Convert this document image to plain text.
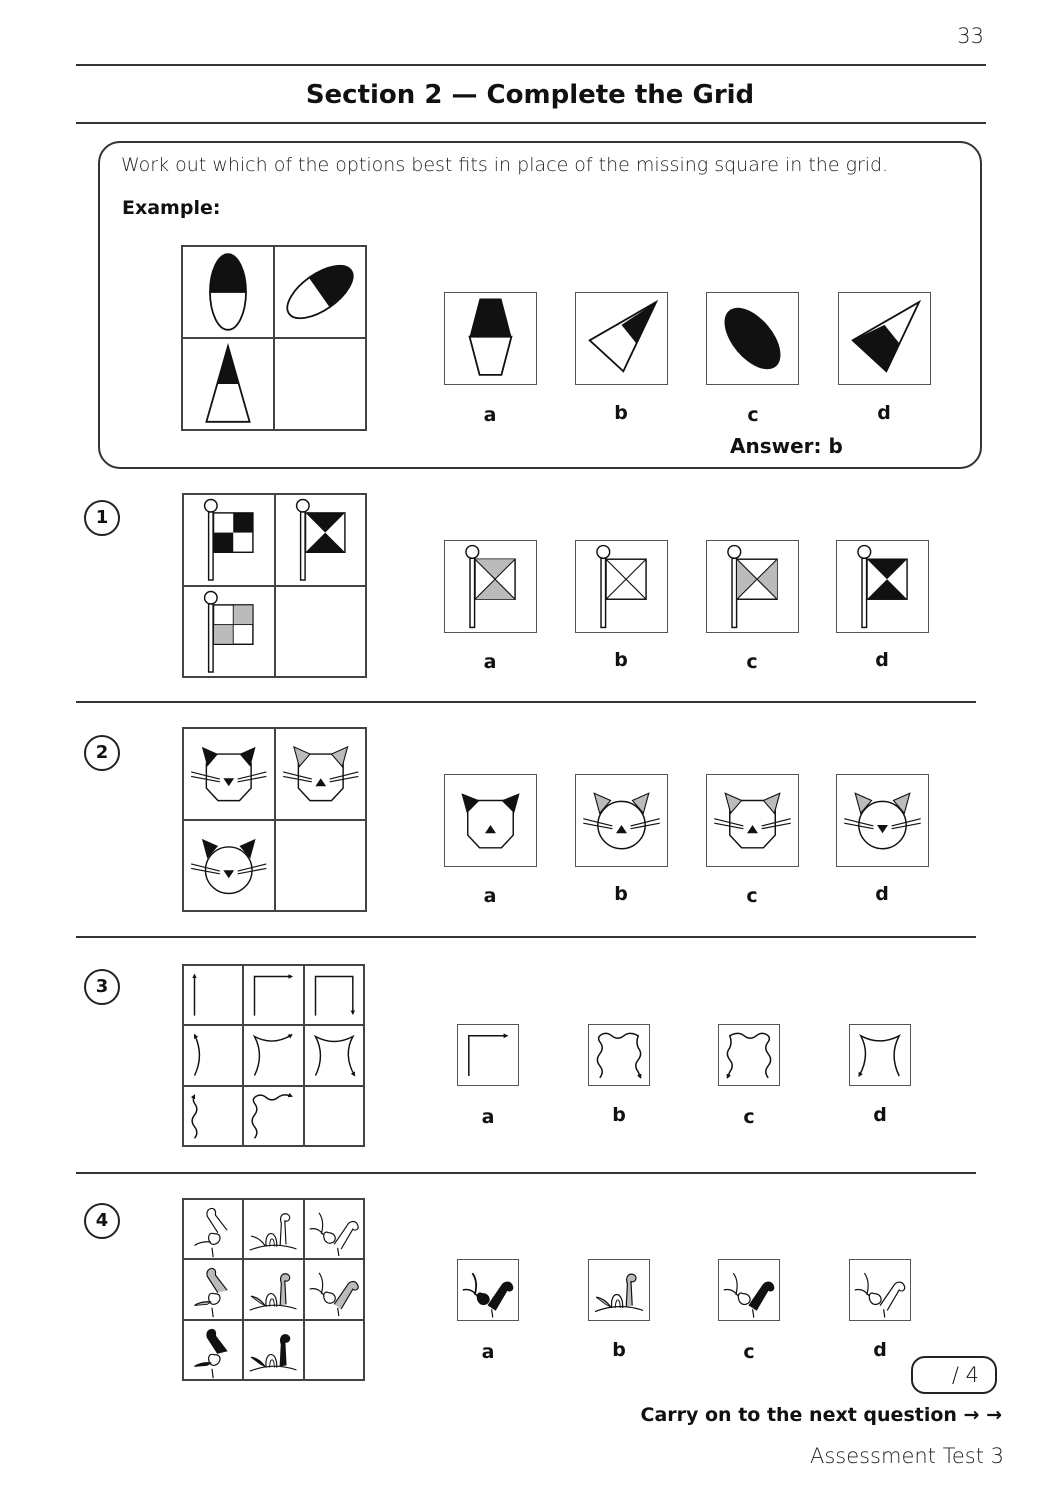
33
Section 2 — Complete the Grid
Work out which of the options best fits in place of the missing square in the grid.
Example:
a	b	c	d
Answer: b
1
a	b	c	d
2
a	b	c	d
3
a	b	c	d
4
a	b	c	d
/ 4
Carry on to the next question → →
Assessment Test 3
